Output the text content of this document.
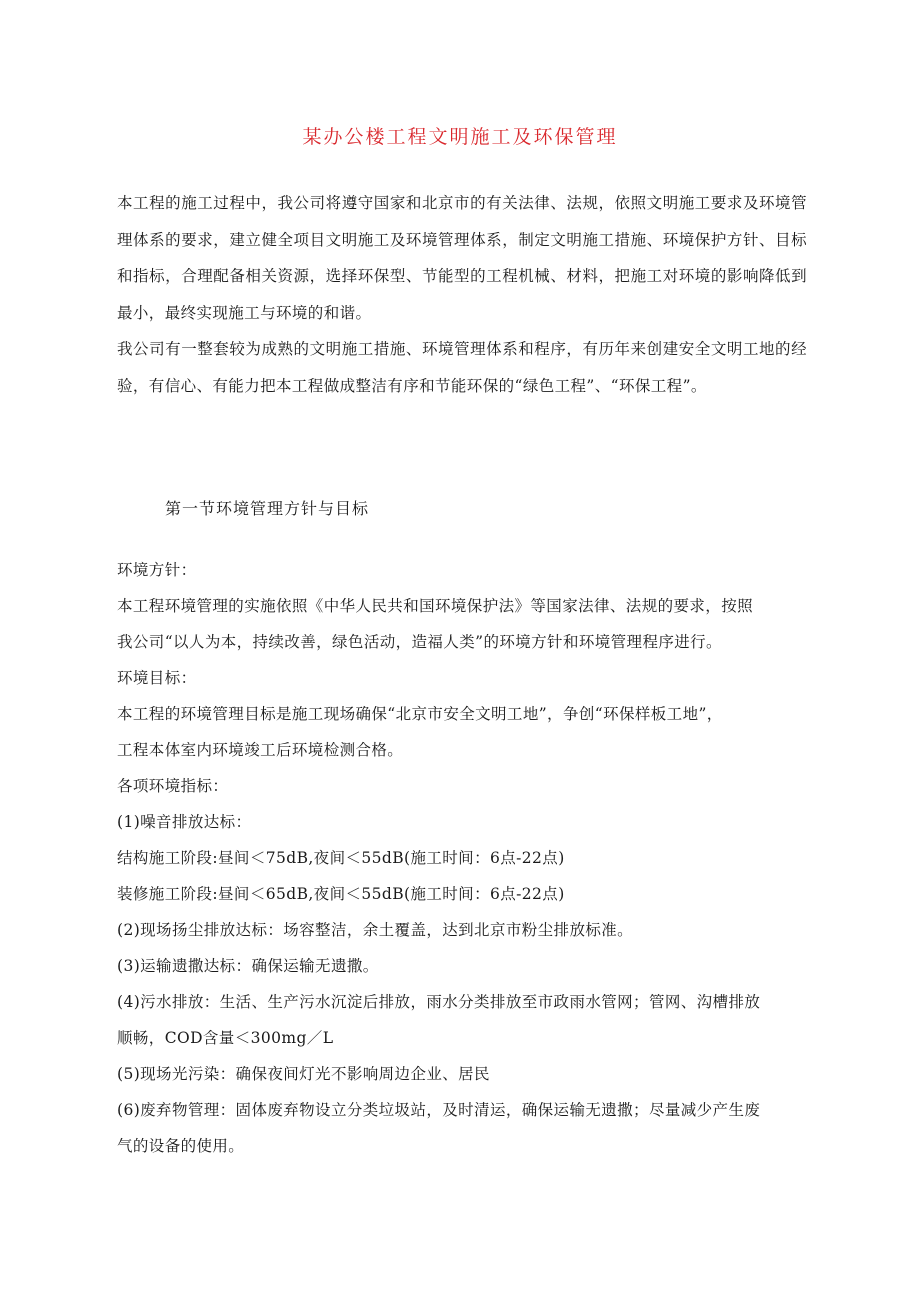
某办公楼工程文明施工及环保管理

本工程的施工过程中，我公司将遵守国家和北京市的有关法律、法规，依照文明施工要求及环境管理体系的要求，建立健全项目文明施工及环境管理体系，制定文明施工措施、环境保护方针、目标和指标，合理配备相关资源，选择环保型、节能型的工程机械、材料，把施工对环境的影响降低到最小，最终实现施工与环境的和谐。

我公司有一整套较为成熟的文明施工措施、环境管理体系和程序，有历年来创建安全文明工地的经验，有信心、有能力把本工程做成整洁有序和节能环保的“绿色工程”、“环保工程”。

第一节环境管理方针与目标

环境方针：

本工程环境管理的实施依照《中华人民共和国环境保护法》等国家法律、法规的要求，按照

我公司“以人为本，持续改善，绿色活动，造福人类”的环境方针和环境管理程序进行。

环境目标：

本工程的环境管理目标是施工现场确保“北京市安全文明工地”，争创“环保样板工地”，

工程本体室内环境竣工后环境检测合格。

各项环境指标：

(1)噪音排放达标：

结构施工阶段:昼间＜75dB,夜间＜55dB(施工时间：6点-22点)

装修施工阶段:昼间＜65dB,夜间＜55dB(施工时间：6点-22点)

(2)现场扬尘排放达标：场容整洁，余土覆盖，达到北京市粉尘排放标准。

(3)运输遗撒达标：确保运输无遗撒。

(4)污水排放：生活、生产污水沉淀后排放，雨水分类排放至市政雨水管网；管网、沟槽排放

顺畅，COD含量＜300mg／L

(5)现场光污染：确保夜间灯光不影响周边企业、居民

(6)废弃物管理：固体废弃物设立分类垃圾站，及时清运，确保运输无遗撒；尽量减少产生废

气的设备的使用。
